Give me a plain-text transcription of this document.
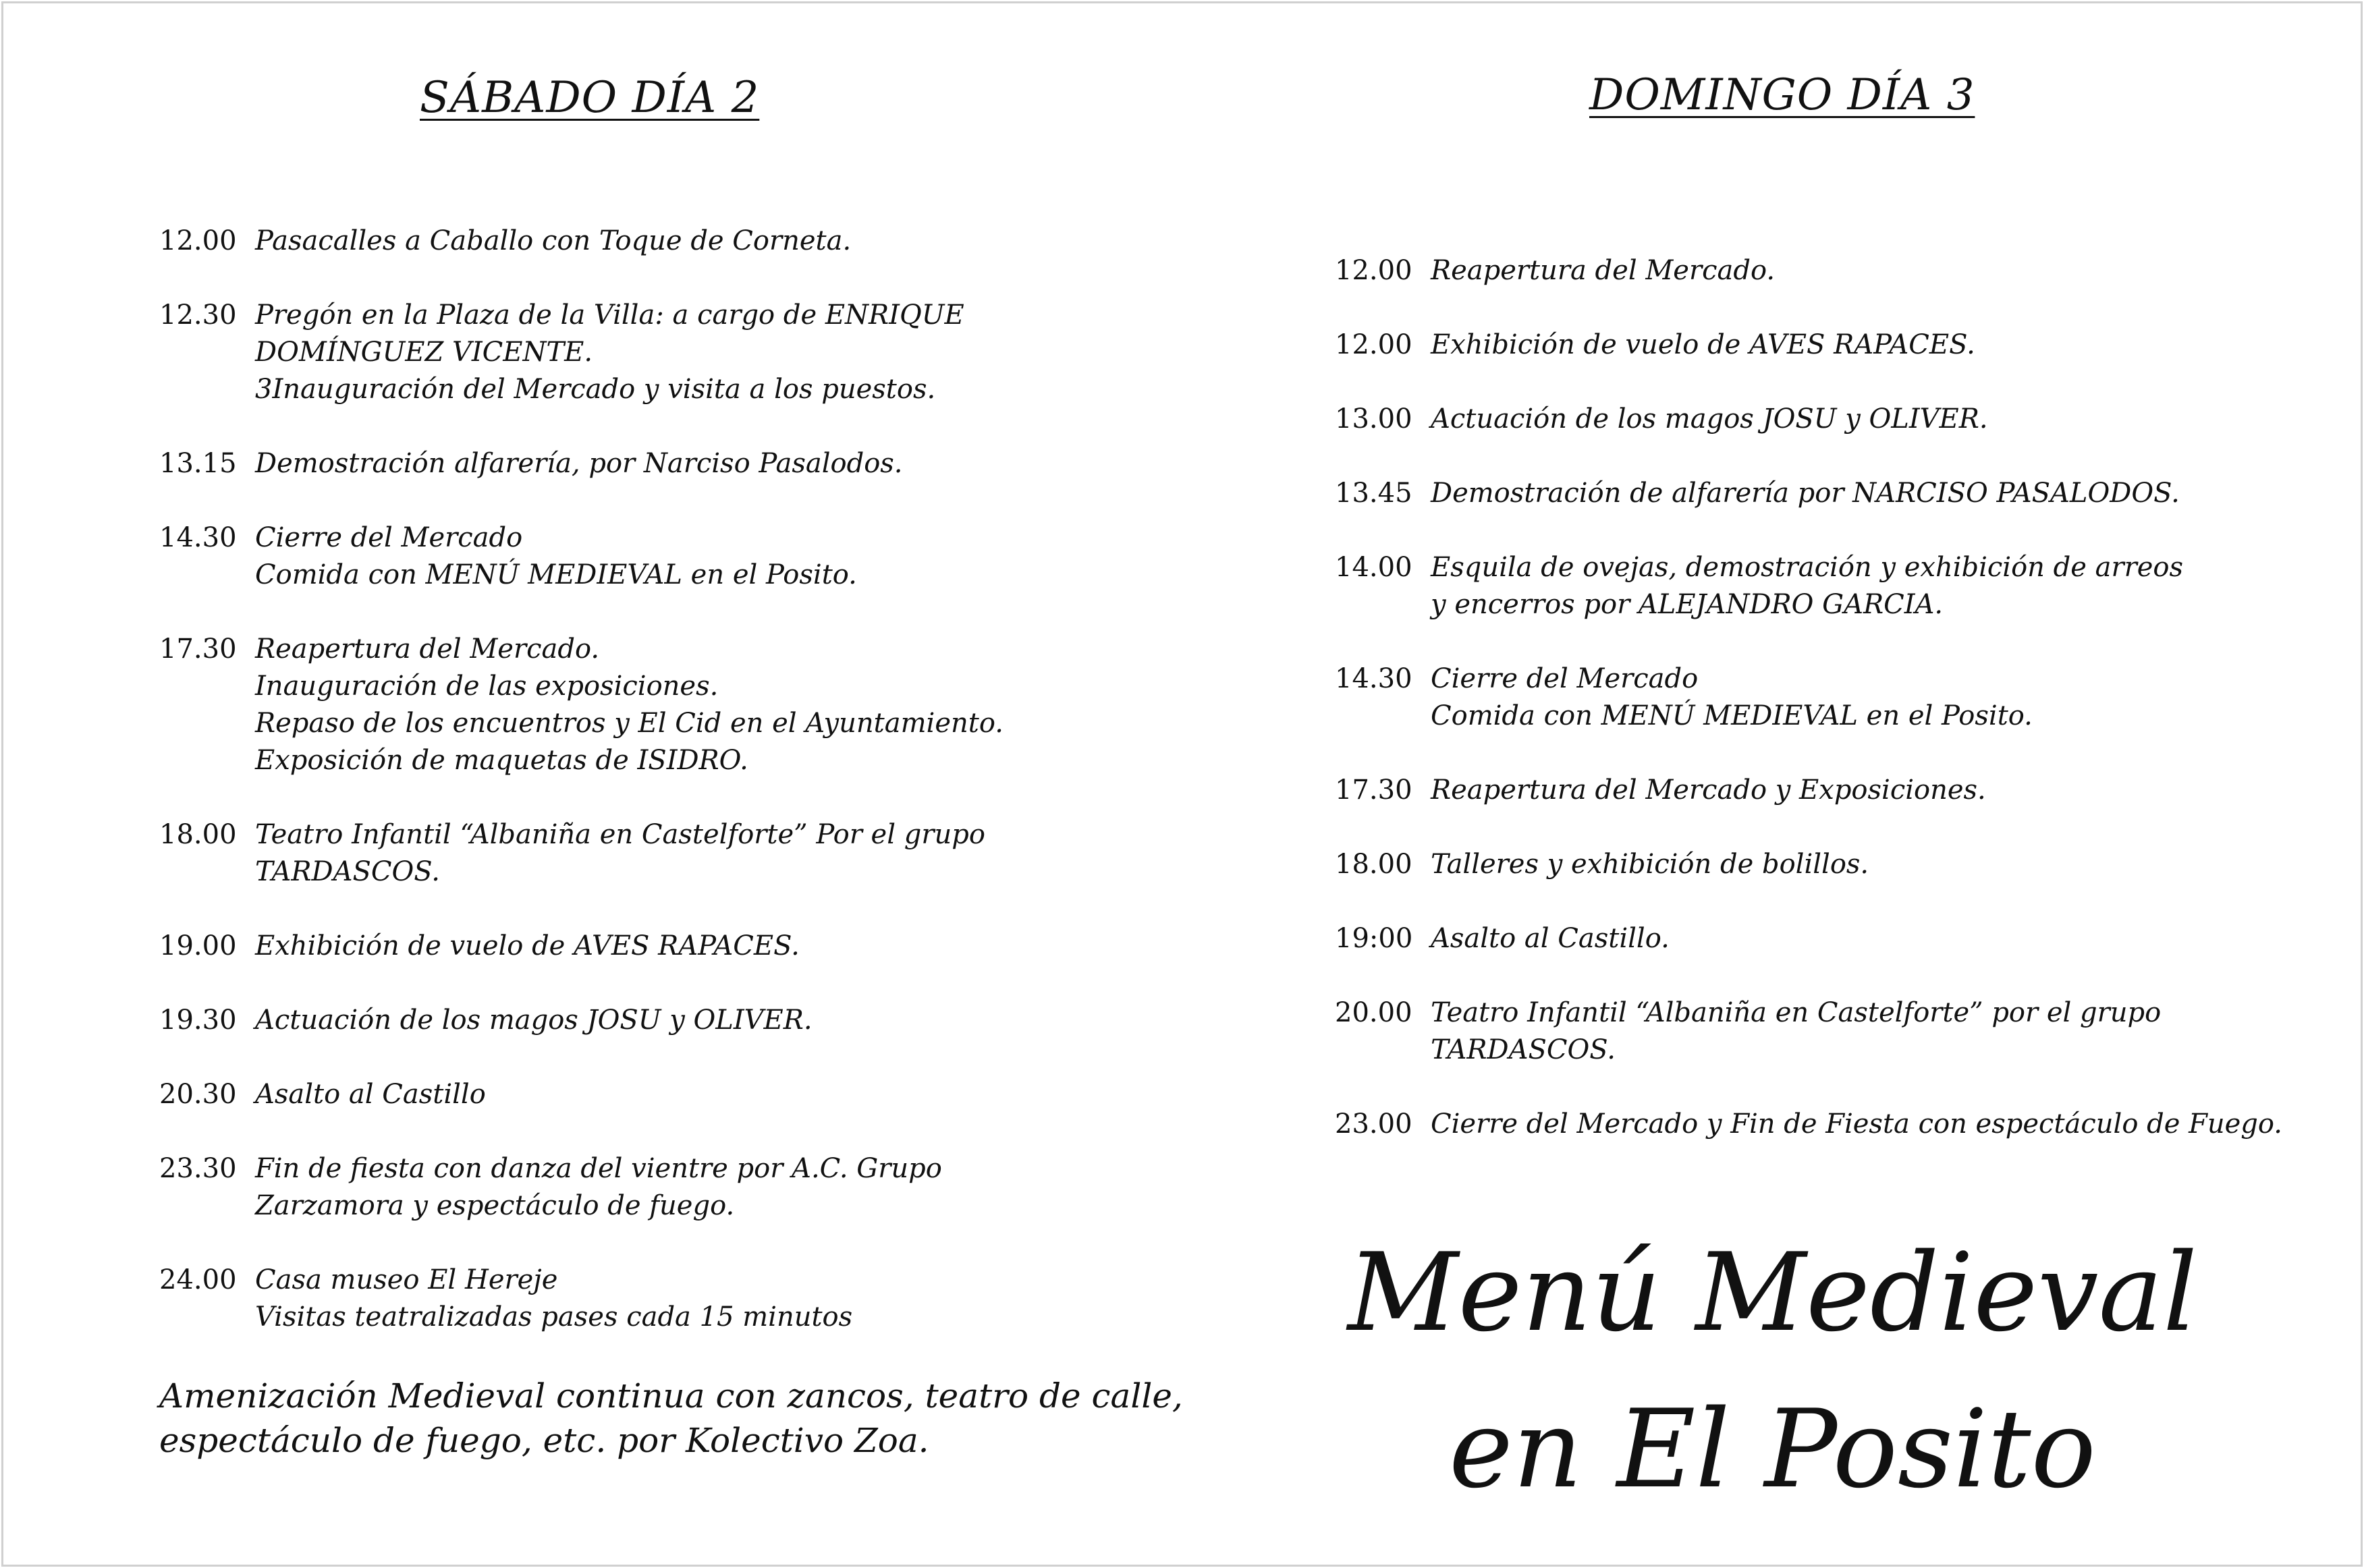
SÁBADO DÍA 2
12.00 Pasacalles a Caballo con Toque de Corneta.
12.30 Pregón en la Plaza de la Villa: a cargo de ENRIQUE
DOMÍNGUEZ VICENTE.
3Inauguración del Mercado y visita a los puestos.
13.15 Demostración alfarería, por Narciso Pasalodos.
14.30 Cierre del Mercado
Comida con MENÚ MEDIEVAL en el Posito.
17.30 Reapertura del Mercado.
Inauguración de las exposiciones.
Repaso de los encuentros y El Cid en el Ayuntamiento.
Exposición de maquetas de ISIDRO.
18.00 Teatro Infantil “Albaniña en Castelforte” Por el grupo
TARDASCOS.
19.00 Exhibición de vuelo de AVES RAPACES.
19.30 Actuación de los magos JOSU y OLIVER.
20.30 Asalto al Castillo
23.30 Fin de fiesta con danza del vientre por A.C. Grupo
Zarzamora y espectáculo de fuego.
24.00 Casa museo El Hereje
Visitas teatralizadas pases cada 15 minutos
Amenización Medieval continua con zancos, teatro de calle,
espectáculo de fuego, etc. por Kolectivo Zoa.
DOMINGO DÍA 3
12.00 Reapertura del Mercado.
12.00 Exhibición de vuelo de AVES RAPACES.
13.00 Actuación de los magos JOSU y OLIVER.
13.45 Demostración de alfarería por NARCISO PASALODOS.
14.00 Esquila de ovejas, demostración y exhibición de arreos
y encerros por ALEJANDRO GARCIA.
14.30 Cierre del Mercado
Comida con MENÚ MEDIEVAL en el Posito.
17.30 Reapertura del Mercado y Exposiciones.
18.00 Talleres y exhibición de bolillos.
19:00 Asalto al Castillo.
20.00 Teatro Infantil “Albaniña en Castelforte” por el grupo
TARDASCOS.
23.00 Cierre del Mercado y Fin de Fiesta con espectáculo de Fuego.
Menú Medieval
en El Posito
